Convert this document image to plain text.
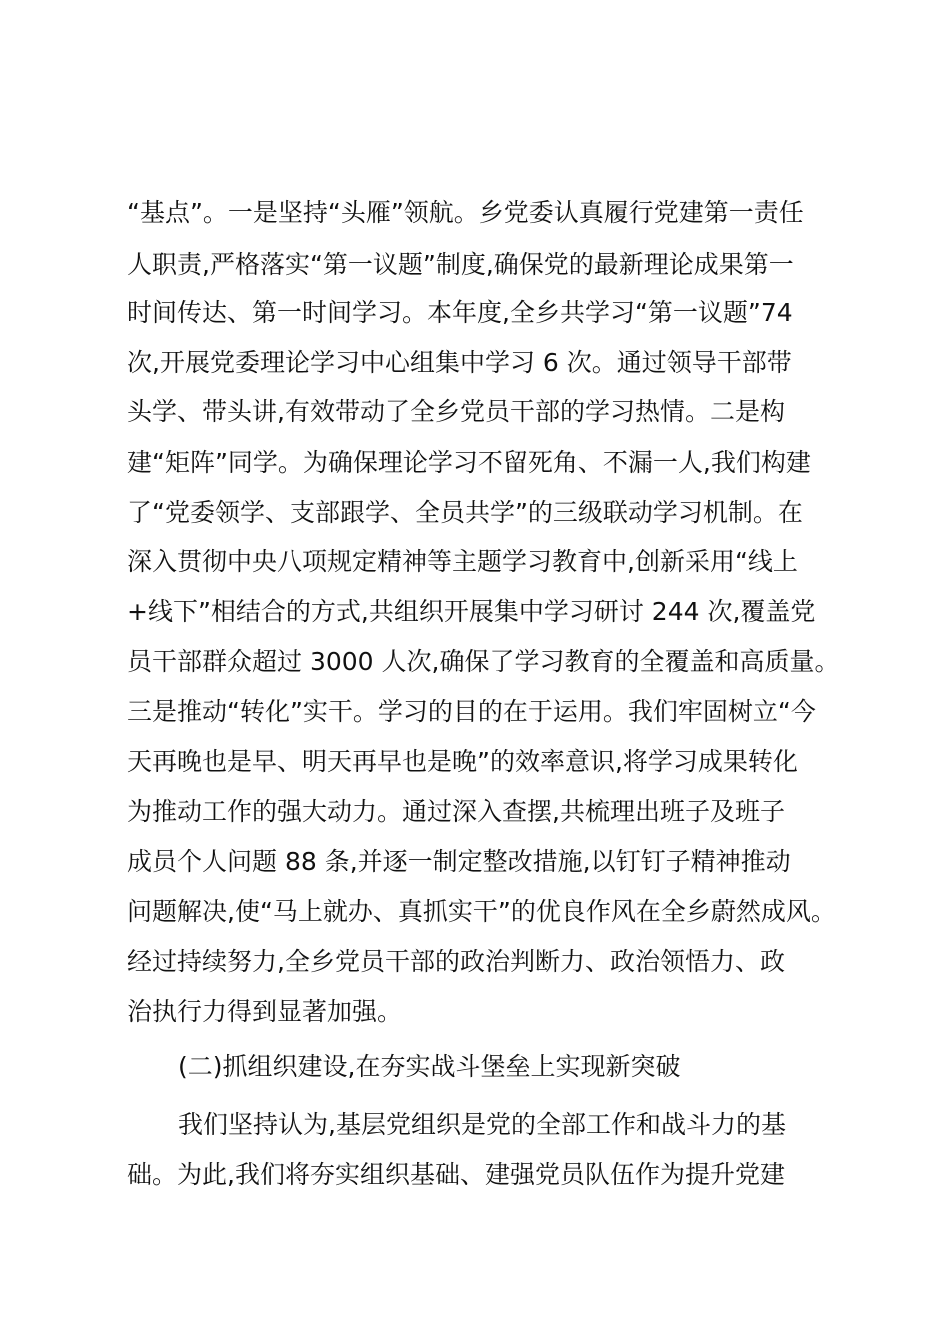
“基点”。一是坚持“头雁”领航。乡党委认真履行党建第一责任
人职责,严格落实“第一议题”制度,确保党的最新理论成果第一
时间传达、第一时间学习。本年度,全乡共学习“第一议题”74
次,开展党委理论学习中心组集中学习 6 次。通过领导干部带
头学、带头讲,有效带动了全乡党员干部的学习热情。二是构
建“矩阵”同学。为确保理论学习不留死角、不漏一人,我们构建
了“党委领学、支部跟学、全员共学”的三级联动学习机制。在
深入贯彻中央八项规定精神等主题学习教育中,创新采用“线上
+线下”相结合的方式,共组织开展集中学习研讨 244 次,覆盖党
员干部群众超过 3000 人次,确保了学习教育的全覆盖和高质量。
三是推动“转化”实干。学习的目的在于运用。我们牢固树立“今
天再晚也是早、明天再早也是晚”的效率意识,将学习成果转化
为推动工作的强大动力。通过深入查摆,共梳理出班子及班子
成员个人问题 88 条,并逐一制定整改措施,以钉钉子精神推动
问题解决,使“马上就办、真抓实干”的优良作风在全乡蔚然成风。
经过持续努力,全乡党员干部的政治判断力、政治领悟力、政
治执行力得到显著加强。
(二)抓组织建设,在夯实战斗堡垒上实现新突破
我们坚持认为,基层党组织是党的全部工作和战斗力的基
础。为此,我们将夯实组织基础、建强党员队伍作为提升党建
